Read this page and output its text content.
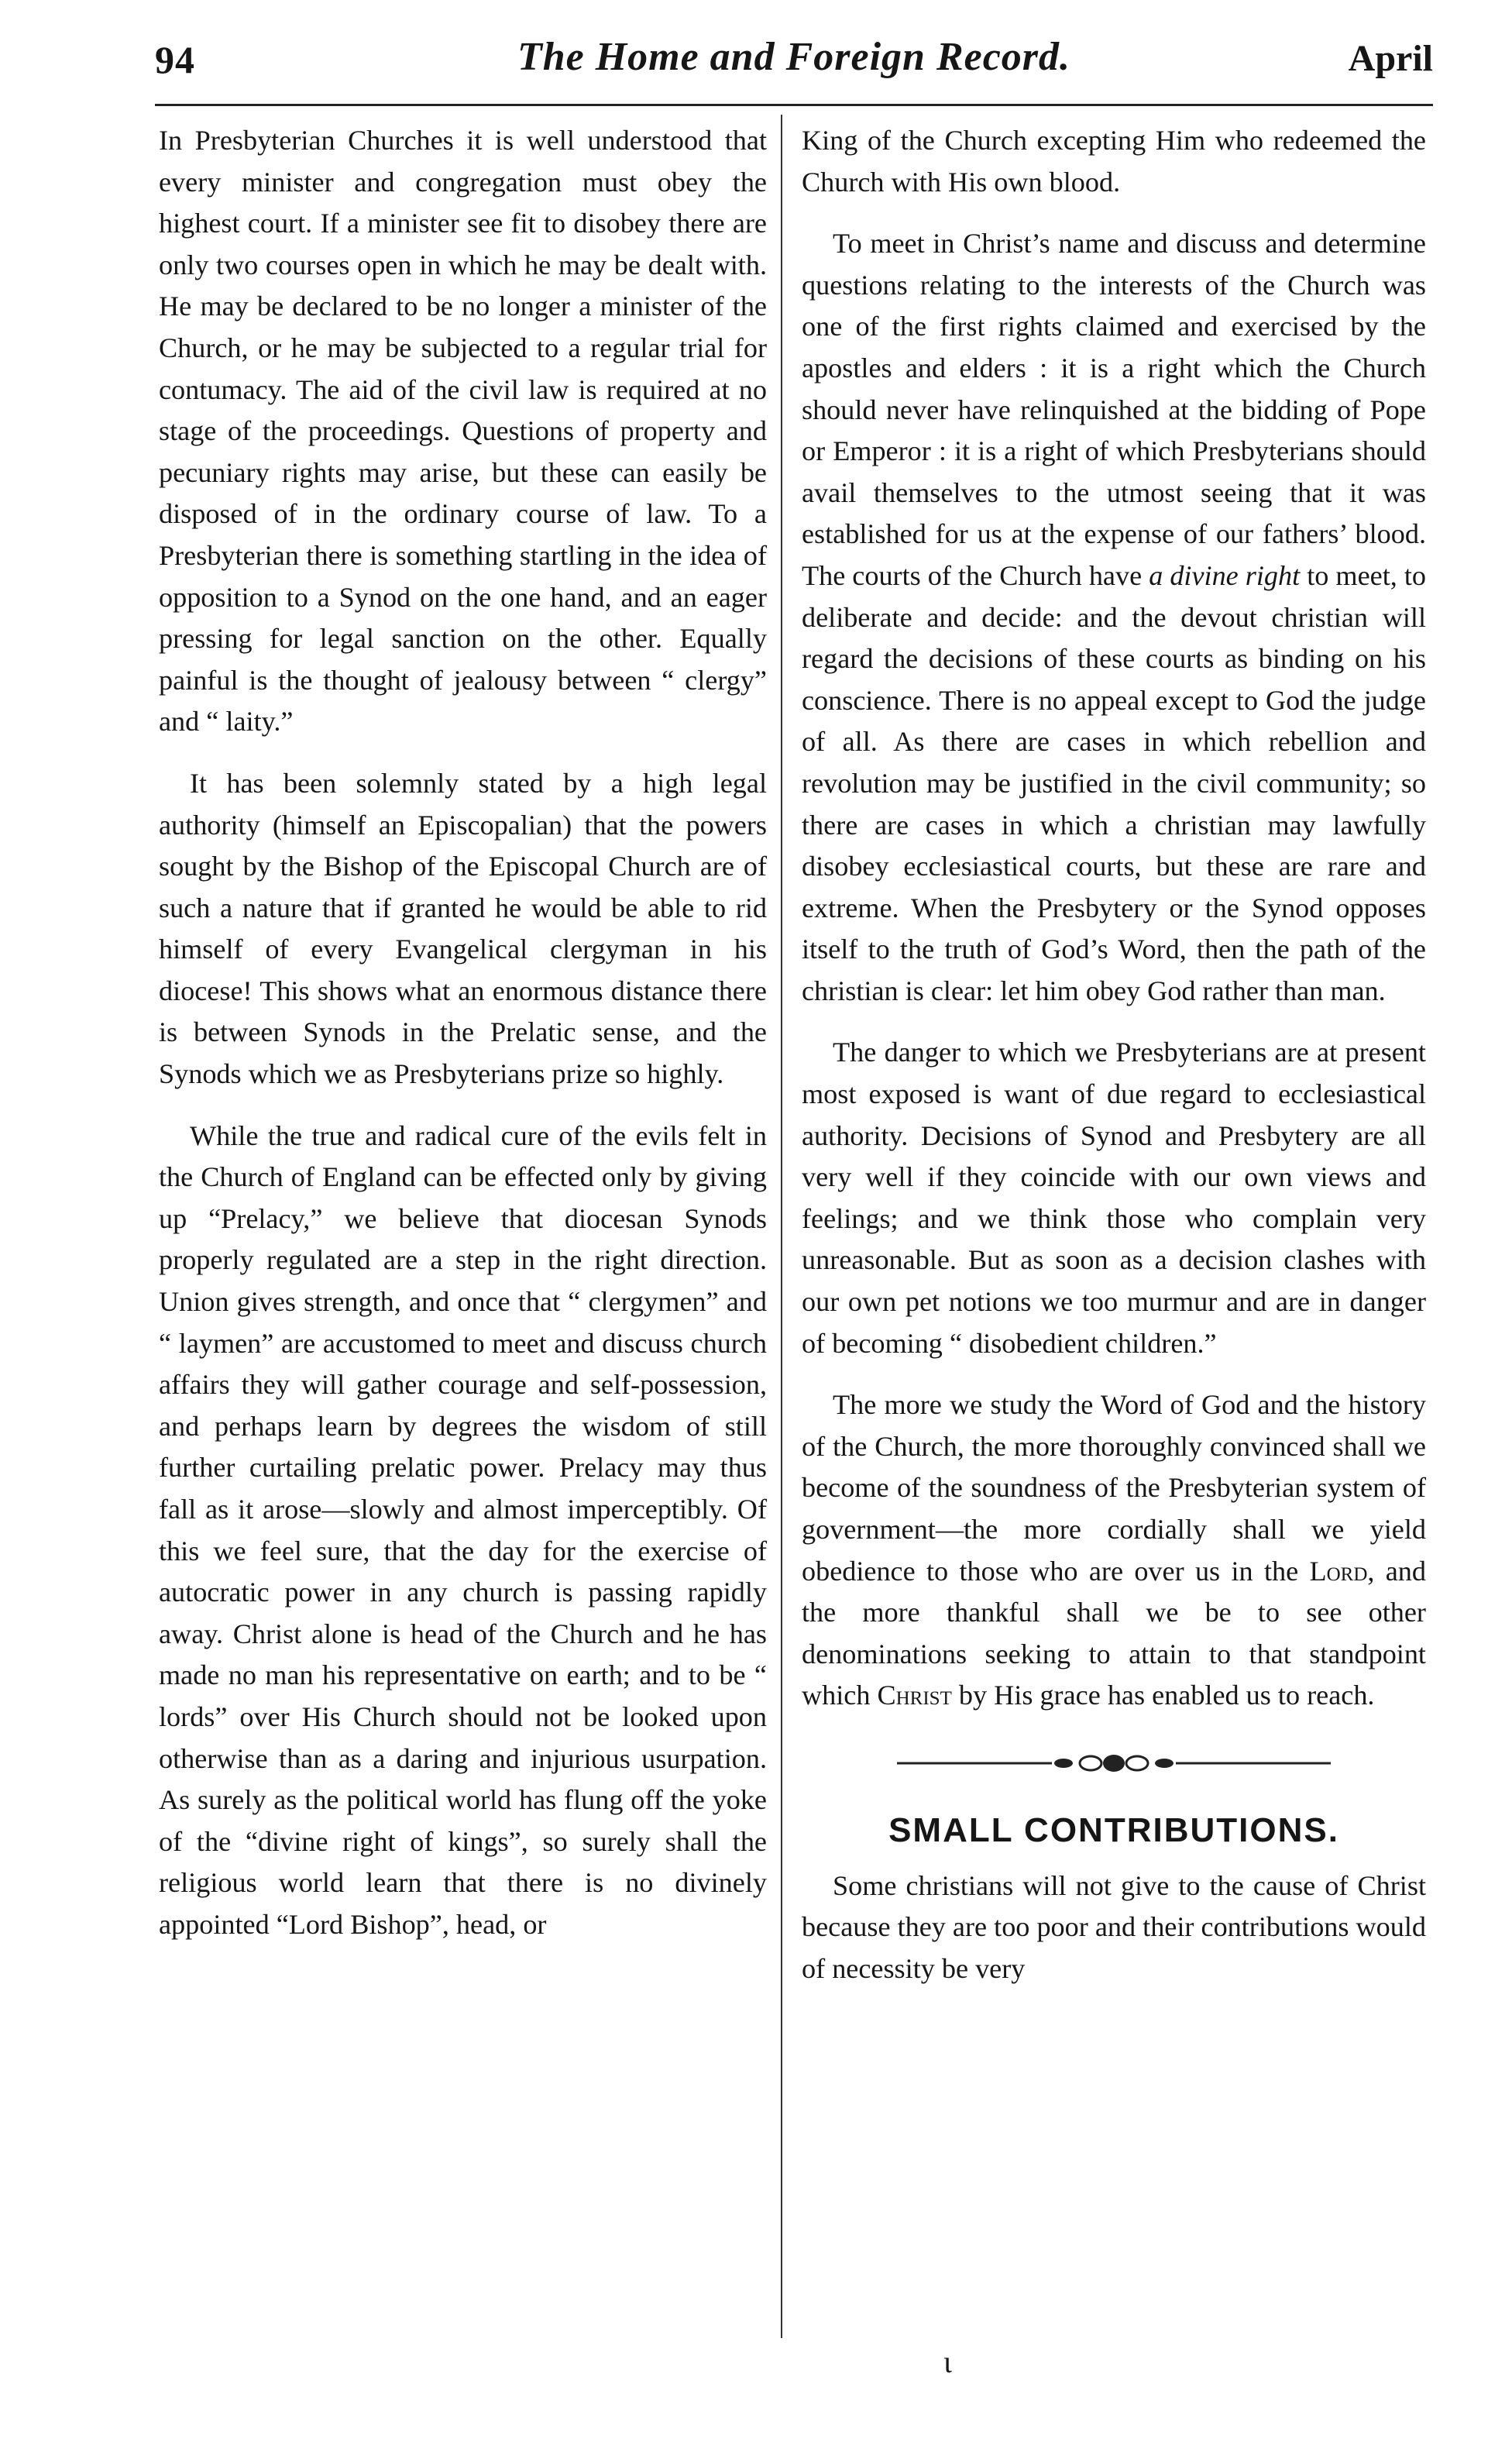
94	The Home and Foreign Record.	April

In Presbyterian Churches it is well understood that every minister and congregation must obey the highest court. If a minister see fit to disobey there are only two courses open in which he may be dealt with. He may be declared to be no longer a minister of the Church, or he may be subjected to a regular trial for contumacy. The aid of the civil law is required at no stage of the proceedings. Questions of property and pecuniary rights may arise, but these can easily be disposed of in the ordinary course of law. To a Presbyterian there is something startling in the idea of opposition to a Synod on the one hand, and an eager pressing for legal sanction on the other. Equally painful is the thought of jealousy between “ clergy” and “ laity.”

It has been solemnly stated by a high legal authority (himself an Episcopalian) that the powers sought by the Bishop of the Episcopal Church are of such a nature that if granted he would be able to rid himself of every Evangelical clergyman in his diocese! This shows what an enormous distance there is between Synods in the Prelatic sense, and the Synods which we as Presbyterians prize so highly.

While the true and radical cure of the evils felt in the Church of England can be effected only by giving up “Prelacy,” we believe that diocesan Synods properly regulated are a step in the right direction. Union gives strength, and once that “ clergymen” and “ laymen” are accustomed to meet and discuss church affairs they will gather courage and self-possession, and perhaps learn by degrees the wisdom of still further curtailing prelatic power. Prelacy may thus fall as it arose—slowly and almost imperceptibly. Of this we feel sure, that the day for the exercise of autocratic power in any church is passing rapidly away. Christ alone is head of the Church and he has made no man his representative on earth; and to be “ lords” over His Church should not be looked upon otherwise than as a daring and injurious usurpation. As surely as the political world has flung off the yoke of the “divine right of kings”, so surely shall the religious world learn that there is no divinely appointed “Lord Bishop”, head, or

King of the Church excepting Him who redeemed the Church with His own blood.

To meet in Christ’s name and discuss and determine questions relating to the interests of the Church was one of the first rights claimed and exercised by the apostles and elders : it is a right which the Church should never have relinquished at the bidding of Pope or Emperor : it is a right of which Presbyterians should avail themselves to the utmost seeing that it was established for us at the expense of our fathers’ blood. The courts of the Church have a divine right to meet, to deliberate and decide: and the devout christian will regard the decisions of these courts as binding on his conscience. There is no appeal except to God the judge of all. As there are cases in which rebellion and revolution may be justified in the civil community; so there are cases in which a christian may lawfully disobey ecclesiastical courts, but these are rare and extreme. When the Presbytery or the Synod opposes itself to the truth of God’s Word, then the path of the christian is clear: let him obey God rather than man.

The danger to which we Presbyterians are at present most exposed is want of due regard to ecclesiastical authority. Decisions of Synod and Presbytery are all very well if they coincide with our own views and feelings; and we think those who complain very unreasonable. But as soon as a decision clashes with our own pet notions we too murmur and are in danger of becoming “ disobedient children.”

The more we study the Word of God and the history of the Church, the more thoroughly convinced shall we become of the soundness of the Presbyterian system of government—the more cordially shall we yield obedience to those who are over us in the Lord, and the more thankful shall we be to see other denominations seeking to attain to that standpoint which Christ by His grace has enabled us to reach.

SMALL CONTRIBUTIONS.

Some christians will not give to the cause of Christ because they are too poor and their contributions would of necessity be very

ι
